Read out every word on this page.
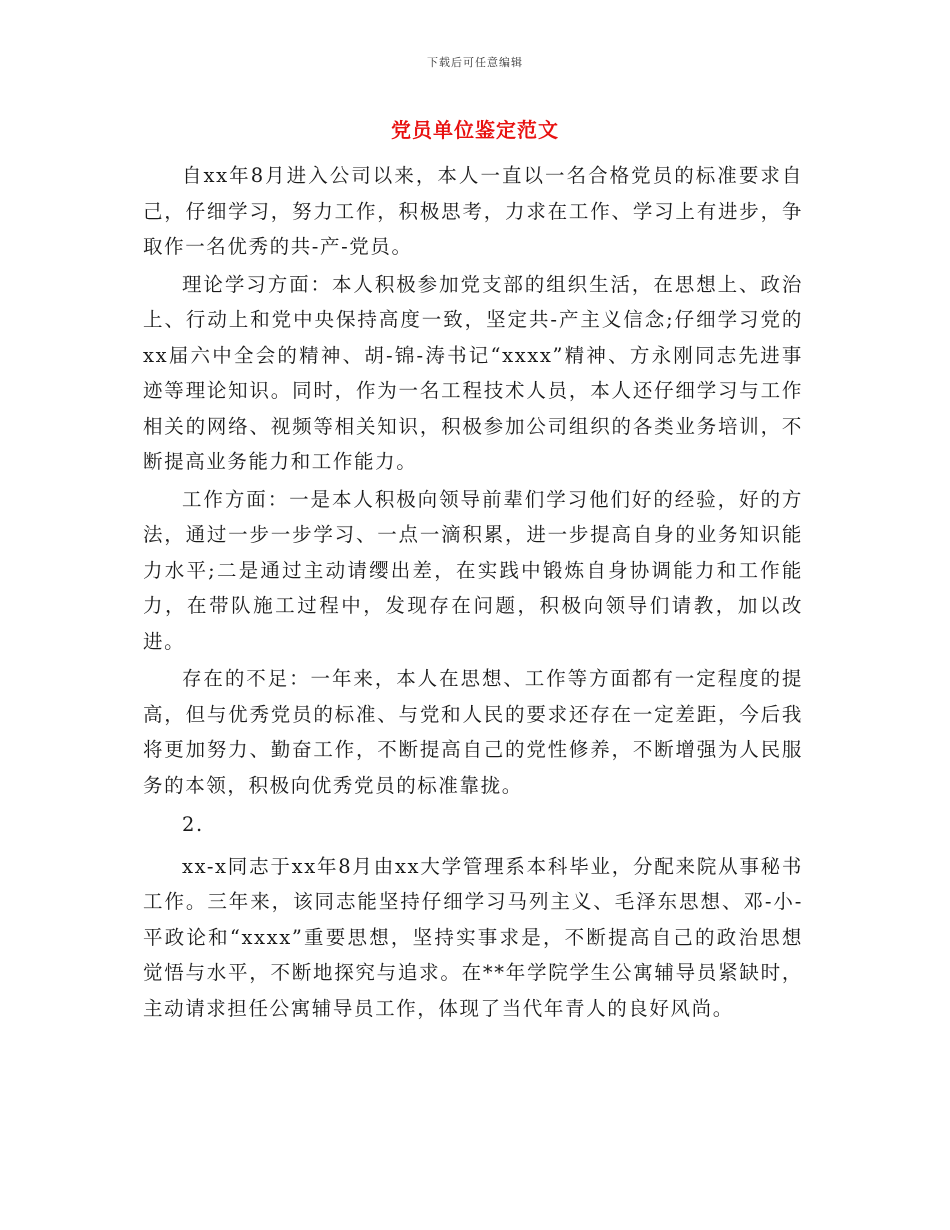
下载后可任意编辑
党员单位鉴定范文

自xx年8月进入公司以来，本人一直以一名合格党员的标准要求自己，仔细学习，努力工作，积极思考，力求在工作、学习上有进步，争取作一名优秀的共-产-党员。

理论学习方面：本人积极参加党支部的组织生活，在思想上、政治上、行动上和党中央保持高度一致，坚定共-产主义信念;仔细学习党的xx届六中全会的精神、胡-锦-涛书记“xxxx”精神、方永刚同志先进事迹等理论知识。同时，作为一名工程技术人员，本人还仔细学习与工作相关的网络、视频等相关知识，积极参加公司组织的各类业务培训，不断提高业务能力和工作能力。

工作方面：一是本人积极向领导前辈们学习他们好的经验，好的方法，通过一步一步学习、一点一滴积累，进一步提高自身的业务知识能力水平;二是通过主动请缨出差，在实践中锻炼自身协调能力和工作能力，在带队施工过程中，发现存在问题，积极向领导们请教，加以改进。

存在的不足：一年来，本人在思想、工作等方面都有一定程度的提高，但与优秀党员的标准、与党和人民的要求还存在一定差距，今后我将更加努力、勤奋工作，不断提高自己的党性修养，不断增强为人民服务的本领，积极向优秀党员的标准靠拢。

2.

xx-x同志于xx年8月由xx大学管理系本科毕业，分配来院从事秘书工作。三年来，该同志能坚持仔细学习马列主义、毛泽东思想、邓-小-平政论和“xxxx”重要思想，坚持实事求是，不断提高自己的政治思想觉悟与水平，不断地探究与追求。在**年学院学生公寓辅导员紧缺时，主动请求担任公寓辅导员工作，体现了当代年青人的良好风尚。
